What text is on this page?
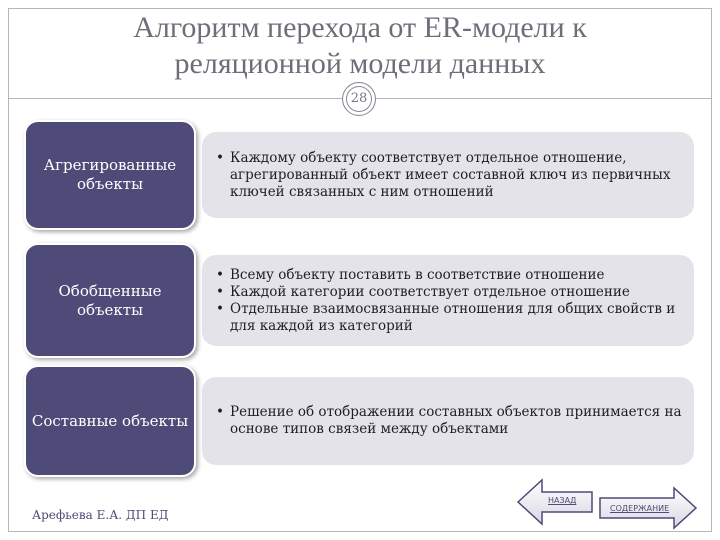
Алгоритм перехода от ER-модели к
реляционной модели данных
28
Агрегированные объекты
• Каждому объекту соответствует отдельное отношение, агрегированный объект имеет составной ключ из первичных ключей связанных с ним отношений
Обобщенные объекты
• Всему объекту поставить в соответствие отношение
• Каждой категории соответствует отдельное отношение
• Отдельные взаимосвязанные отношения для общих свойств и для каждой из категорий
Составные объекты
•	Решение об отображении составных объектов принимается на основе типов связей между объектами
Арефьева Е.А. ДП ЕД
НАЗАД
СОДЕРЖАНИЕ
